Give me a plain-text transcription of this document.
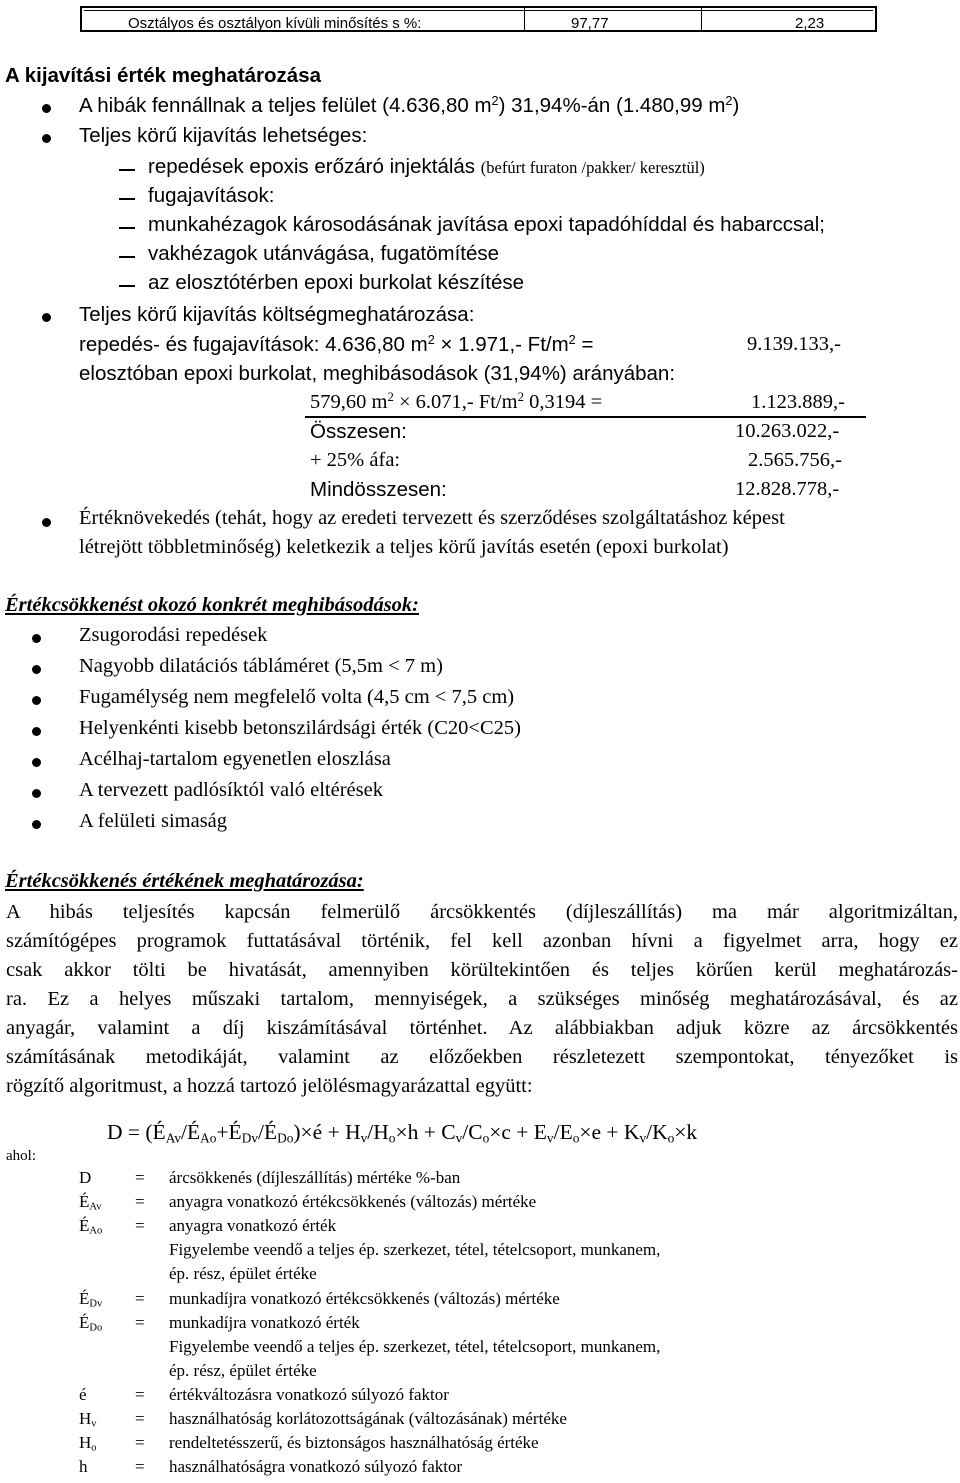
Osztályos és osztályon kívüli minősítés s %:	97,77	2,23
A kijavítási érték meghatározása
A hibák fennállnak a teljes felület (4.636,80 $m^2$) 31,94%-án (1.480,99 $m^2$)
Teljes körű kijavítás lehetséges:
repedések epoxis erőzáró injektálás (befúrt furaton /pakker/ keresztül)
fugajavítások:
munkahézagok károsodásának javítása epoxi tapadóhíddal és habarccsal;
vakhézagok utánvágása, fugatömítése
az elosztótérben epoxi burkolat készítése
Teljes körű kijavítás költségmeghatározása:
repedés- és fugajavítások: 4.636,80 $m^2 \times 1.971,-$ $Ft/m^2$ =	9.139.133,-
elosztóban epoxi burkolat, meghibásodások (31,94%) arányában:
579,60 $m^2 \times 6.071,-$ $Ft/m^2$ 0,3194 =	1.123.889,-
Összesen:	10.263.022,-
+ 25% áfa:	2.565.756,-
Mindösszesen:	12.828.778,-
Értéknövekedés (tehát, hogy az eredeti tervezett és szerződéses szolgáltatáshoz képest
létrejött többletminőség) keletkezik a teljes körű javítás esetén (epoxi burkolat)
Értékcsökkenést okozó konkrét meghibásodások:
Zsugorodási repedések
Nagyobb dilatációs tábláméret (5,5m < 7 m)
Fugamélység nem megfelelő volta (4,5 cm < 7,5 cm)
Helyenkénti kisebb betonszilárdsági érték (C20<C25)
Acélhaj-tartalom egyenetlen eloszlása
A tervezett padlósíktól való eltérések
A felületi simaság
Értékcsökkenés értékének meghatározása:
A hibás teljesítés kapcsán felmerülő árcsökkentés (díjleszállítás) ma már algoritmizáltan,
számítógépes programok futtatásával történik, fel kell azonban hívni a figyelmet arra, hogy ez
csak akkor tölti be hivatását, amennyiben körültekintően és teljes körűen kerül meghatározás-
ra. Ez a helyes műszaki tartalom, mennyiségek, a szükséges minőség meghatározásával, és az
anyagár, valamint a díj kiszámításával történhet. Az alábbiakban adjuk közre az árcsökkentés
számításának metodikáját, valamint az előzőekben részletezett szempontokat, tényezőket is
rögzítő algoritmust, a hozzá tartozó jelölésmagyarázattal együtt:
ahol:
$D = (É_{Av}/É_{Ao}+É_{Dv}/É_{Do})\times é + H_v/H_o\times h + C_v/C_o\times c + E_v/E_o\times e + K_v/K_o\times k$
D	= árcsökkenés (díjleszállítás) mértéke %-ban
$É_{Av}$ = anyagra vonatkozó értékcsökkenés (változás) mértéke
$É_{Ao}$ = anyagra vonatkozó érték
Figyelembe veendő a teljes ép. szerkezet, tétel, tételcsoport, munkanem,
ép. rész, épület értéke
$É_{Dv}$ = munkadíjra vonatkozó értékcsökkenés (változás) mértéke
$É_{Do}$ = munkadíjra vonatkozó érték
Figyelembe veendő a teljes ép. szerkezet, tétel, tételcsoport, munkanem,
ép. rész, épület értéke
é	= értékváltozásra vonatkozó súlyozó faktor
$H_v$ = használhatóság korlátozottságának (változásának) mértéke
$H_o$ = rendeltetésszerű, és biztonságos használhatóság értéke
h	= használhatóságra vonatkozó súlyozó faktor
